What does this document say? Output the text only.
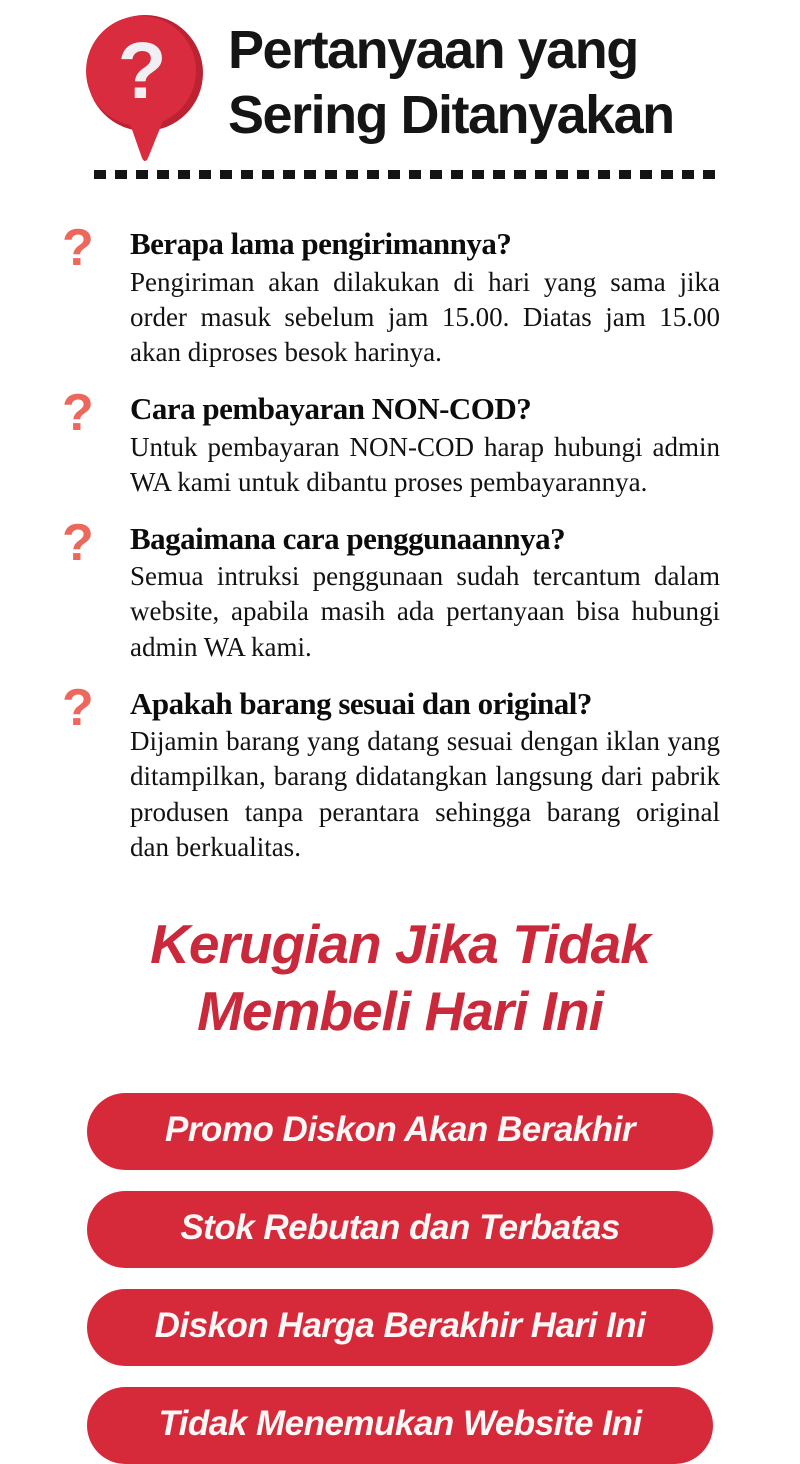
?	Pertanyaan yang
Sering Ditanyakan
?	Berapa lama pengirimannya?

Pengiriman akan dilakukan di hari yang sama jika order masuk sebelum jam 15.00. Diatas jam 15.00 akan diproses besok harinya.

?	Cara pembayaran NON-COD?

Untuk pembayaran NON-COD harap hubungi admin WA kami untuk dibantu proses pembayarannya.

?	Bagaimana cara penggunaannya?

Semua intruksi penggunaan sudah tercantum dalam website, apabila masih ada pertanyaan bisa hubungi admin WA kami.

?	Apakah barang sesuai dan original?

Dijamin barang yang datang sesuai dengan iklan yang ditampilkan, barang didatangkan langsung dari pabrik produsen tanpa perantara sehingga barang original dan berkualitas.

Kerugian Jika Tidak
Membeli Hari Ini
Promo Diskon Akan Berakhir
Stok Rebutan dan Terbatas
Diskon Harga Berakhir Hari Ini
Tidak Menemukan Website Ini
